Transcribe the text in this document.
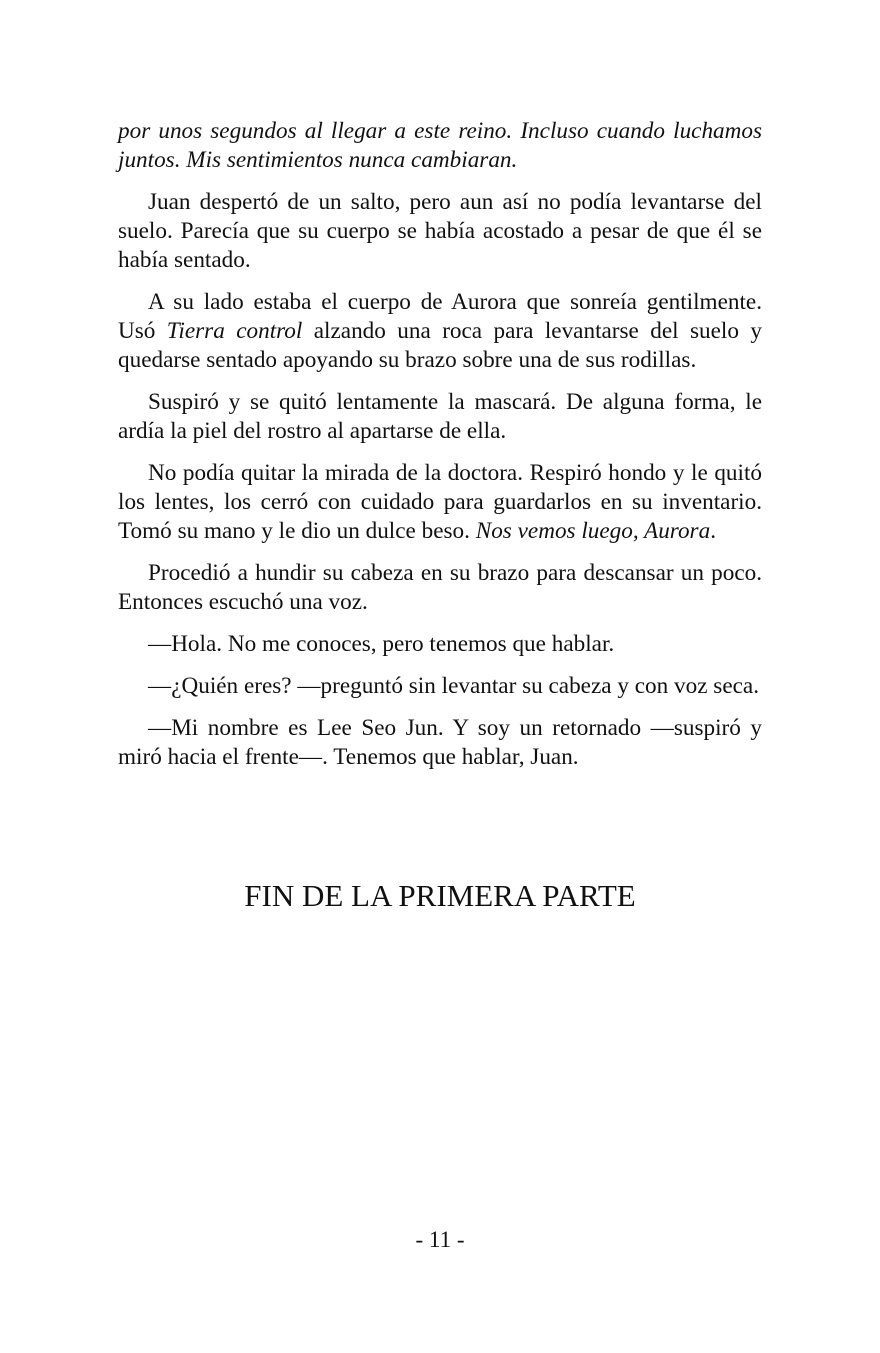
por unos segundos al llegar a este reino. Incluso cuando luchamos juntos. Mis sentimientos nunca cambiaran.

Juan despertó de un salto, pero aun así no podía levantarse del suelo. Parecía que su cuerpo se había acostado a pesar de que él se había sentado.

A su lado estaba el cuerpo de Aurora que sonreía gentilmente. Usó Tierra control alzando una roca para levantarse del suelo y quedarse sentado apoyando su brazo sobre una de sus rodillas.

Suspiró y se quitó lentamente la mascará. De alguna forma, le ardía la piel del rostro al apartarse de ella.

No podía quitar la mirada de la doctora. Respiró hondo y le quitó los lentes, los cerró con cuidado para guardarlos en su inventario. Tomó su mano y le dio un dulce beso. Nos vemos luego, Aurora.

Procedió a hundir su cabeza en su brazo para descansar un poco. Entonces escuchó una voz.

—Hola. No me conoces, pero tenemos que hablar.

—¿Quién eres? —preguntó sin levantar su cabeza y con voz seca.

—Mi nombre es Lee Seo Jun. Y soy un retornado —suspiró y miró hacia el frente—. Tenemos que hablar, Juan.

FIN DE LA PRIMERA PARTE
- 11 -
